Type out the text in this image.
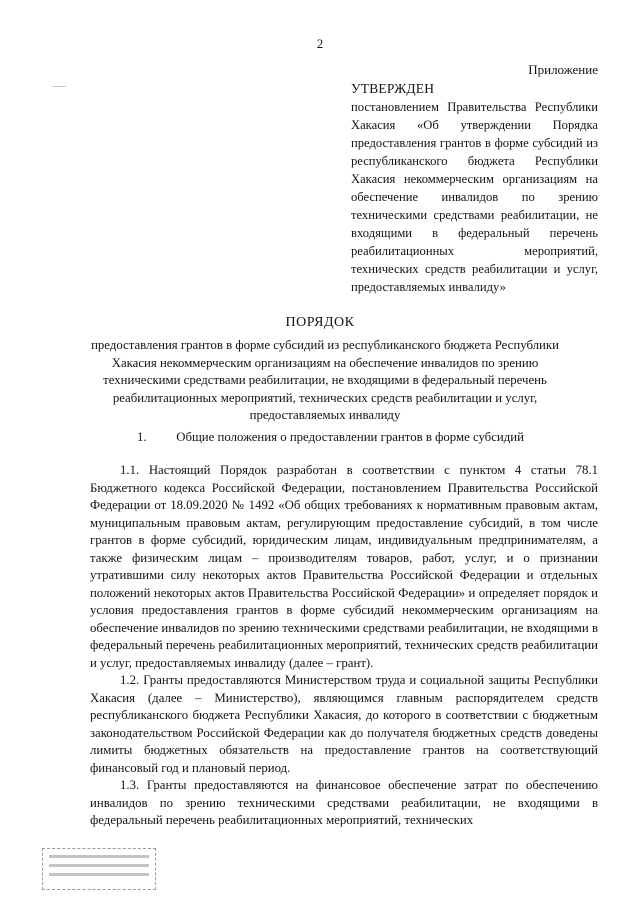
2
Приложение
УТВЕРЖДЕН
постановлением Правительства Республики Хакасия «Об утверждении Порядка предоставления грантов в форме субсидий из республиканского бюджета Республики Хакасия некоммерческим организациям на обеспечение инвалидов по зрению техническими средствами реабилитации, не входящими в федеральный перечень реабилитационных мероприятий, технических средств реабилитации и услуг, предоставляемых инвалиду»
ПОРЯДОК
предоставления грантов в форме субсидий из республиканского бюджета Республики Хакасия некоммерческим организациям на обеспечение инвалидов по зрению техническими средствами реабилитации, не входящими в федеральный перечень реабилитационных мероприятий, технических средств реабилитации и услуг, предоставляемых инвалиду
1. Общие положения о предоставлении грантов в форме субсидий
1.1. Настоящий Порядок разработан в соответствии с пунктом 4 статьи 78.1 Бюджетного кодекса Российской Федерации, постановлением Правительства Российской Федерации от 18.09.2020 № 1492 «Об общих требованиях к нормативным правовым актам, муниципальным правовым актам, регулирующим предоставление субсидий, в том числе грантов в форме субсидий, юридическим лицам, индивидуальным предпринимателям, а также физическим лицам – производителям товаров, работ, услуг, и о признании утратившими силу некоторых актов Правительства Российской Федерации и отдельных положений некоторых актов Правительства Российской Федерации» и определяет порядок и условия предоставления грантов в форме субсидий некоммерческим организациям на обеспечение инвалидов по зрению техническими средствами реабилитации, не входящими в федеральный перечень реабилитационных мероприятий, технических средств реабилитации и услуг, предоставляемых инвалиду (далее – грант).
1.2. Гранты предоставляются Министерством труда и социальной защиты Республики Хакасия (далее – Министерство), являющимся главным распорядителем средств республиканского бюджета Республики Хакасия, до которого в соответствии с бюджетным законодательством Российской Федерации как до получателя бюджетных средств доведены лимиты бюджетных обязательств на предоставление грантов на соответствующий финансовый год и плановый период.
1.3. Гранты предоставляются на финансовое обеспечение затрат по обеспечению инвалидов по зрению техническими средствами реабилитации, не входящими в федеральный перечень реабилитационных мероприятий, технических
